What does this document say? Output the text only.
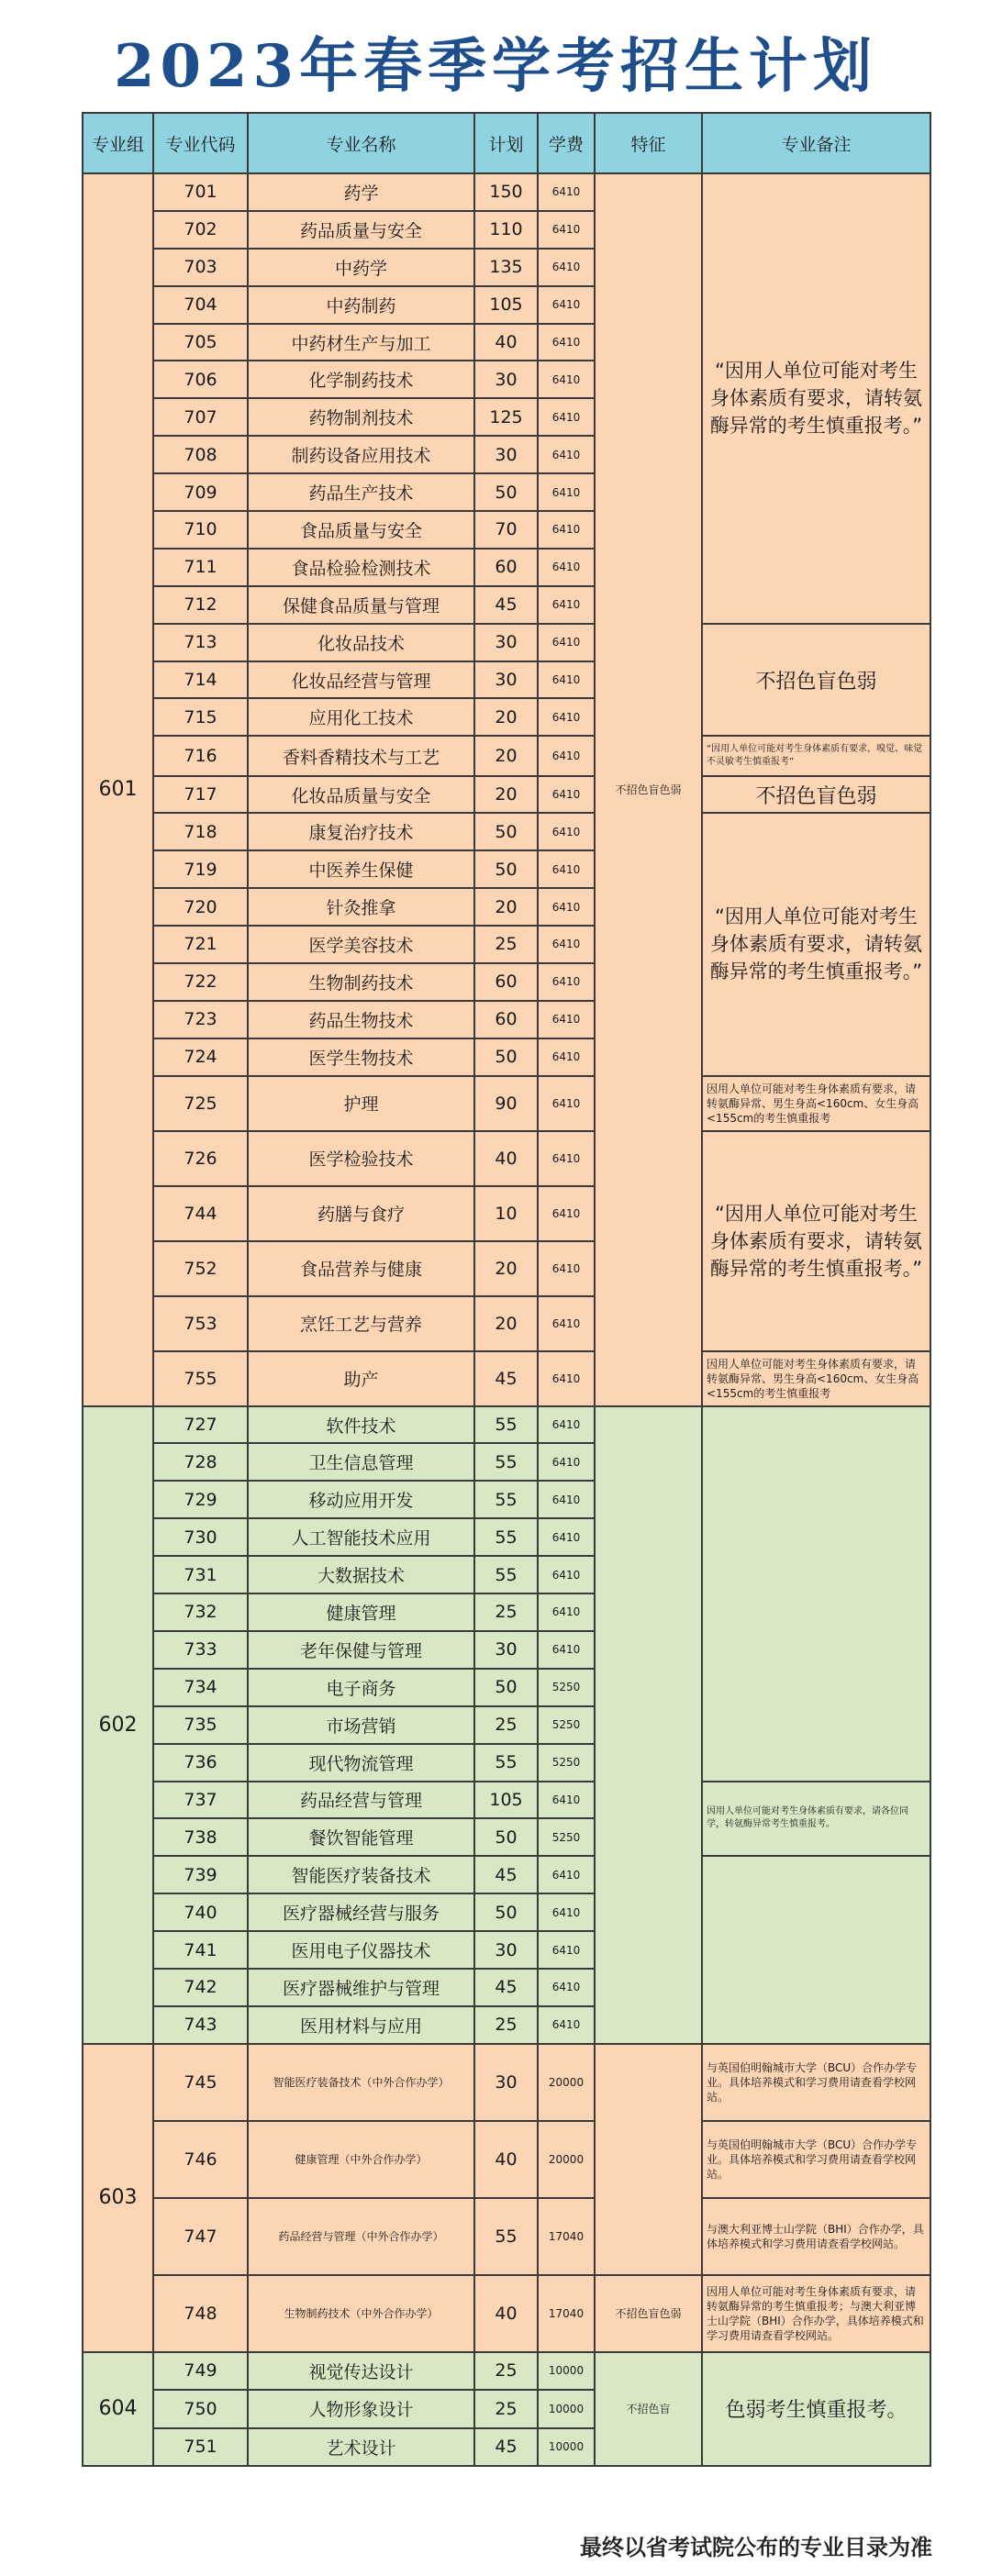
2023年春季学考招生计划
专业组	专业代码	专业名称	计划	学费	特征	专业备注
601	701	药学	150	6410	不招色盲色弱	“因用人单位可能对考生身体素质有要求，请转氨酶异常的考生慎重报考。”
	702	药品质量与安全	110	6410		
	703	中药学	135	6410		
	704	中药制药	105	6410		
	705	中药材生产与加工	40	6410		
	706	化学制药技术	30	6410		
	707	药物制剂技术	125	6410		
	708	制药设备应用技术	30	6410		
	709	药品生产技术	50	6410		
	710	食品质量与安全	70	6410		
	711	食品检验检测技术	60	6410		
	712	保健食品质量与管理	45	6410		
	713	化妆品技术	30	6410		不招色盲色弱
	714	化妆品经营与管理	30	6410		
	715	应用化工技术	20	6410		
	716	香料香精技术与工艺	20	6410		“因用人单位可能对考生身体素质有要求，嗅觉、味觉不灵敏考生慎重报考”
	717	化妆品质量与安全	20	6410		不招色盲色弱
	718	康复治疗技术	50	6410		“因用人单位可能对考生身体素质有要求，请转氨酶异常的考生慎重报考。”
	719	中医养生保健	50	6410		
	720	针灸推拿	20	6410		
	721	医学美容技术	25	6410		
	722	生物制药技术	60	6410		
	723	药品生物技术	60	6410		
	724	医学生物技术	50	6410		
	725	护理	90	6410		因用人单位可能对考生身体素质有要求，请转氨酶异常、男生身高<160cm、女生身高<155cm的考生慎重报考
	726	医学检验技术	40	6410		“因用人单位可能对考生身体素质有要求，请转氨酶异常的考生慎重报考。”
	744	药膳与食疗	10	6410		
	752	食品营养与健康	20	6410		
	753	烹饪工艺与营养	20	6410		
	755	助产	45	6410		因用人单位可能对考生身体素质有要求，请转氨酶异常、男生身高<160cm、女生身高<155cm的考生慎重报考
602	727	软件技术	55	6410		
	728	卫生信息管理	55	6410		
	729	移动应用开发	55	6410		
	730	人工智能技术应用	55	6410		
	731	大数据技术	55	6410		
	732	健康管理	25	6410		
	733	老年保健与管理	30	6410		
	734	电子商务	50	5250		
	735	市场营销	25	5250		
	736	现代物流管理	55	5250		
	737	药品经营与管理	105	6410		因用人单位可能对考生身体素质有要求，请各位同学，转氨酶异常考生慎重报考。
	738	餐饮智能管理	50	5250		
	739	智能医疗装备技术	45	6410		
	740	医疗器械经营与服务	50	6410		
	741	医用电子仪器技术	30	6410		
	742	医疗器械维护与管理	45	6410		
	743	医用材料与应用	25	6410		
603	745	智能医疗装备技术（中外合作办学）	30	20000		与英国伯明翰城市大学（BCU）合作办学专业。具体培养模式和学习费用请查看学校网站。
	746	健康管理（中外合作办学）	40	20000		与英国伯明翰城市大学（BCU）合作办学专业。具体培养模式和学习费用请查看学校网站。
	747	药品经营与管理（中外合作办学）	55	17040		与澳大利亚博士山学院（BHI）合作办学，具体培养模式和学习费用请查看学校网站。
	748	生物制药技术（中外合作办学）	40	17040	不招色盲色弱	因用人单位可能对考生身体素质有要求，请转氨酶异常的考生慎重报考；与澳大利亚博士山学院（BHI）合作办学，具体培养模式和学习费用请查看学校网站。
604	749	视觉传达设计	25	10000	不招色盲	色弱考生慎重报考。
	750	人物形象设计	25	10000		
	751	艺术设计	45	10000		
最终以省考试院公布的专业目录为准
